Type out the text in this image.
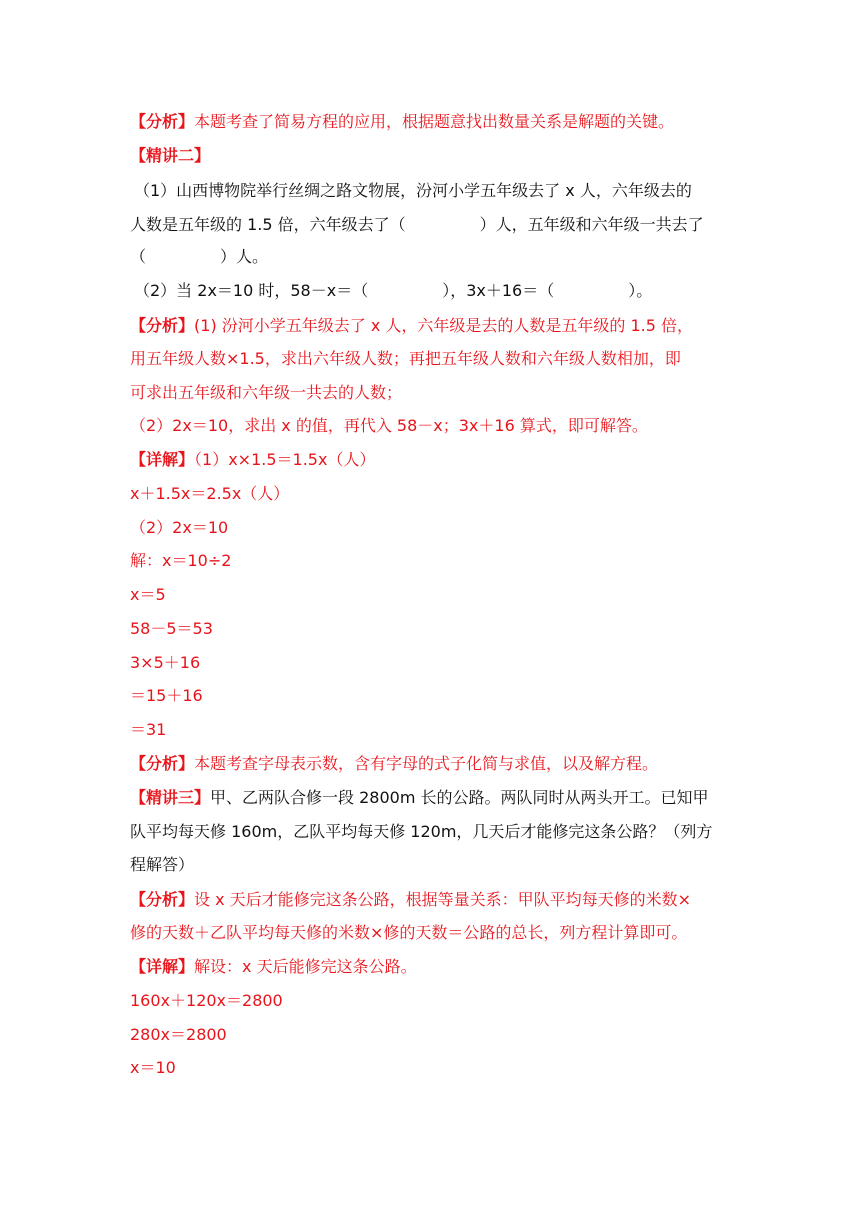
【分析】本题考查了简易方程的应用，根据题意找出数量关系是解题的关键。
【精讲二】
（1）山西博物院举行丝绸之路文物展，汾河小学五年级去了 x 人，六年级去的
人数是五年级的 1.5 倍，六年级去了（	）人，五年级和六年级一共去了
（	）人。
（2）当 2x＝10 时，58－x＝（	），3x＋16＝（	）。
【分析】(1) 汾河小学五年级去了 x 人，六年级是去的人数是五年级的 1.5 倍，
用五年级人数×1.5，求出六年级人数；再把五年级人数和六年级人数相加，即
可求出五年级和六年级一共去的人数；
（2）2x＝10，求出 x 的值，再代入 58－x；3x＋16 算式，即可解答。
【详解】（1）x×1.5＝1.5x（人）
x＋1.5x＝2.5x（人）
（2）2x＝10
解：x＝10÷2
x＝5
58－5＝53
3×5＋16
＝15＋16
＝31
【分析】本题考查字母表示数，含有字母的式子化简与求值，以及解方程。
【精讲三】甲、乙两队合修一段 2800m 长的公路。两队同时从两头开工。已知甲
队平均每天修 160m，乙队平均每天修 120m，几天后才能修完这条公路？（列方
程解答）
【分析】设 x 天后才能修完这条公路，根据等量关系：甲队平均每天修的米数×
修的天数＋乙队平均每天修的米数×修的天数＝公路的总长，列方程计算即可。
【详解】解设：x 天后能修完这条公路。
160x＋120x＝2800
280x＝2800
x＝10
